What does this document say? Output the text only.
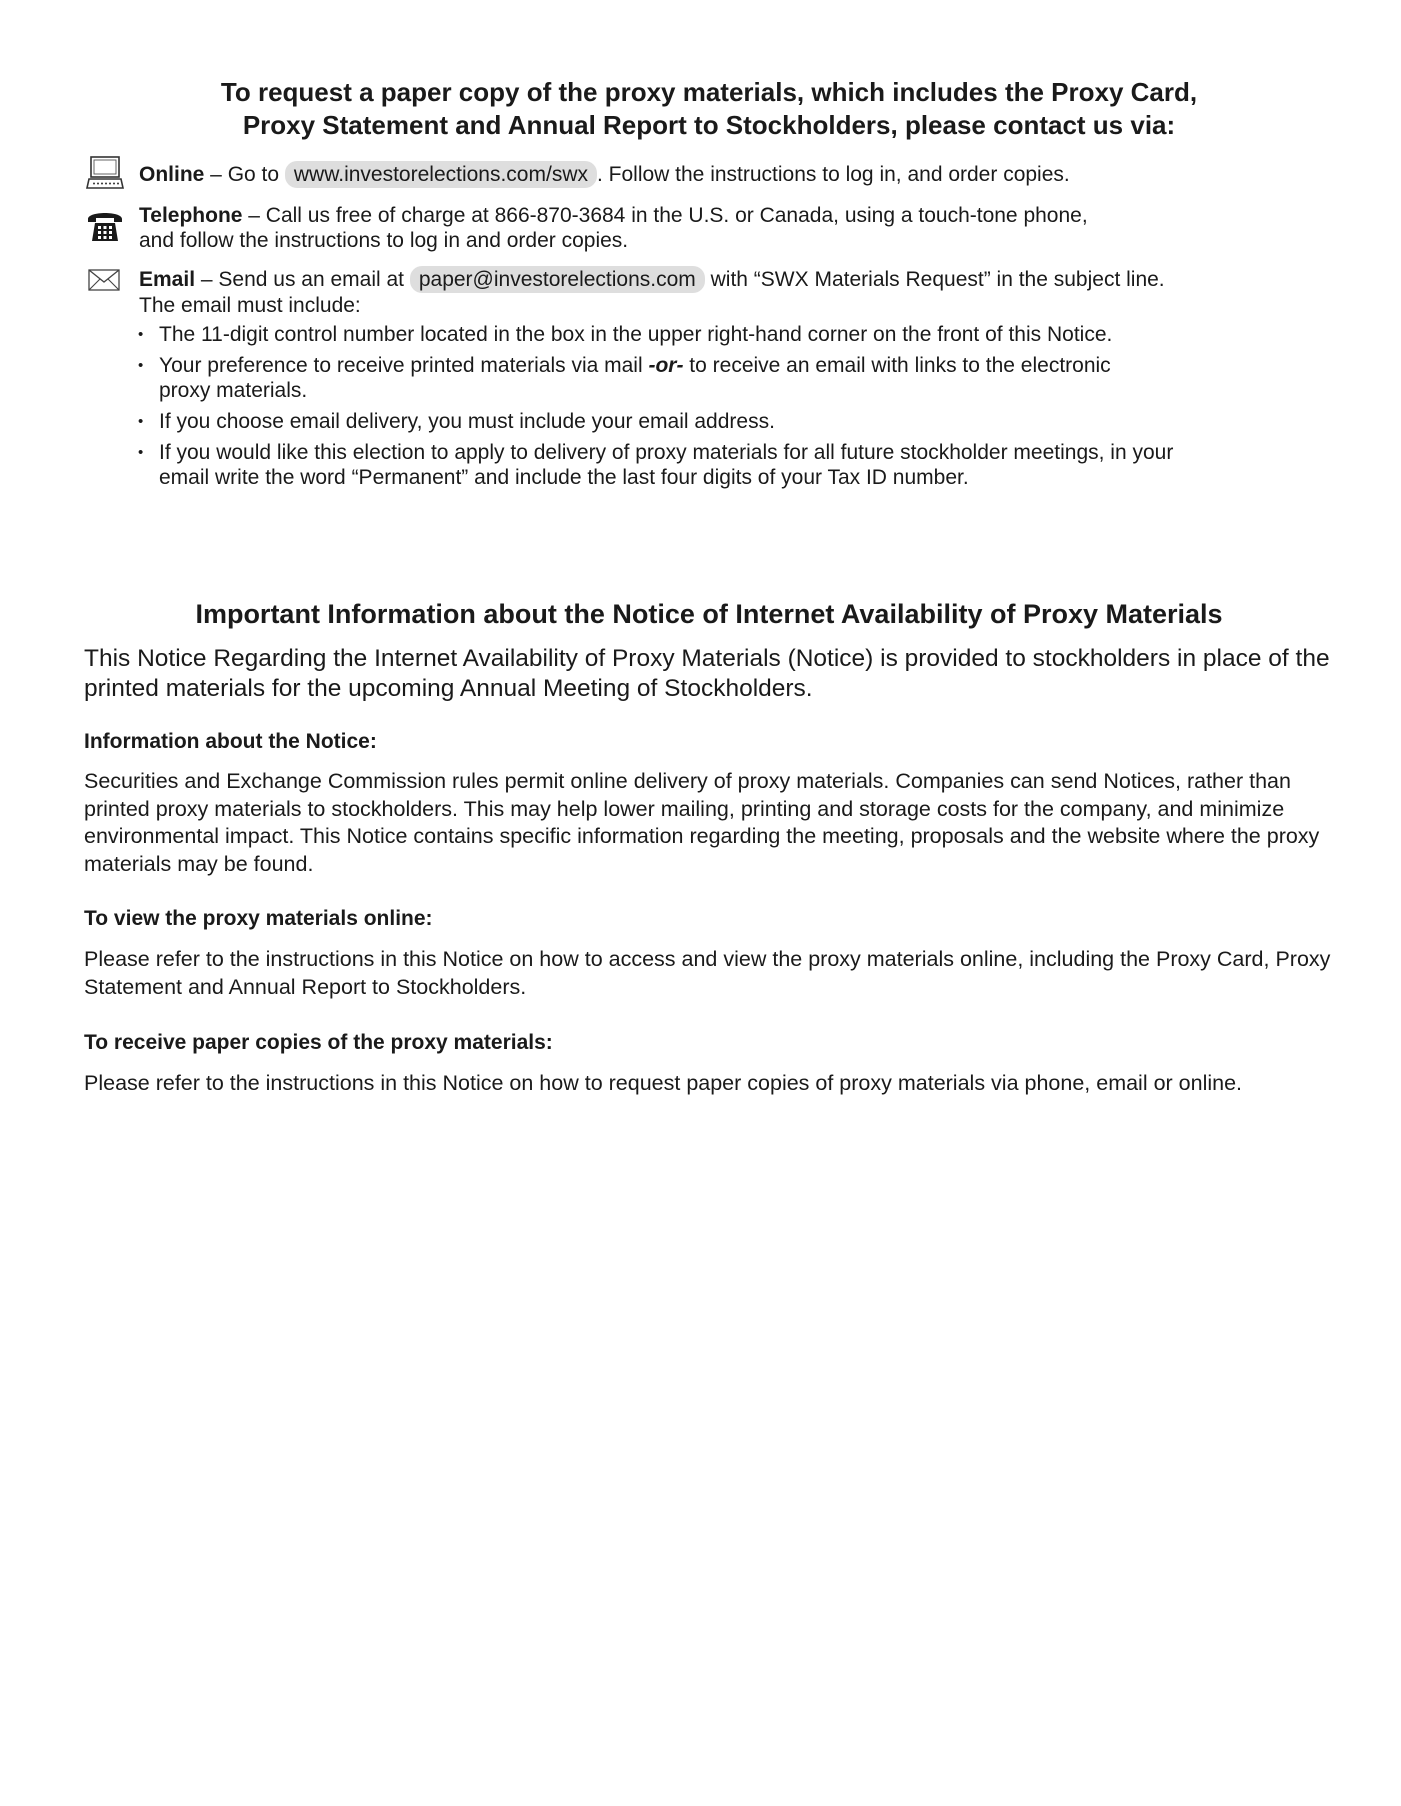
To request a paper copy of the proxy materials, which includes the Proxy Card,
Proxy Statement and Annual Report to Stockholders, please contact us via:
Online – Go to www.investorelections.com/swx . Follow the instructions to log in, and order copies.
Telephone – Call us free of charge at 866-870-3684 in the U.S. or Canada, using a touch-tone phone,
and follow the instructions to log in and order copies.
Email – Send us an email at paper@investorelections.com with “SWX Materials Request” in the subject line.
The email must include:
• The 11-digit control number located in the box in the upper right-hand corner on the front of this Notice.
• Your preference to receive printed materials via mail -or- to receive an email with links to the electronic
proxy materials.
• If you choose email delivery, you must include your email address.
• If you would like this election to apply to delivery of proxy materials for all future stockholder meetings, in your
email write the word “Permanent” and include the last four digits of your Tax ID number.
Important Information about the Notice of Internet Availability of Proxy Materials
This Notice Regarding the Internet Availability of Proxy Materials (Notice) is provided to stockholders in place of the printed materials for the upcoming Annual Meeting of Stockholders.
Information about the Notice:
Securities and Exchange Commission rules permit online delivery of proxy materials. Companies can send Notices, rather than printed proxy materials to stockholders. This may help lower mailing, printing and storage costs for the company, and minimize environmental impact. This Notice contains specific information regarding the meeting, proposals and the website where the proxy materials may be found.
To view the proxy materials online:
Please refer to the instructions in this Notice on how to access and view the proxy materials online, including the Proxy Card, Proxy Statement and Annual Report to Stockholders.
To receive paper copies of the proxy materials:
Please refer to the instructions in this Notice on how to request paper copies of proxy materials via phone, email or online.
